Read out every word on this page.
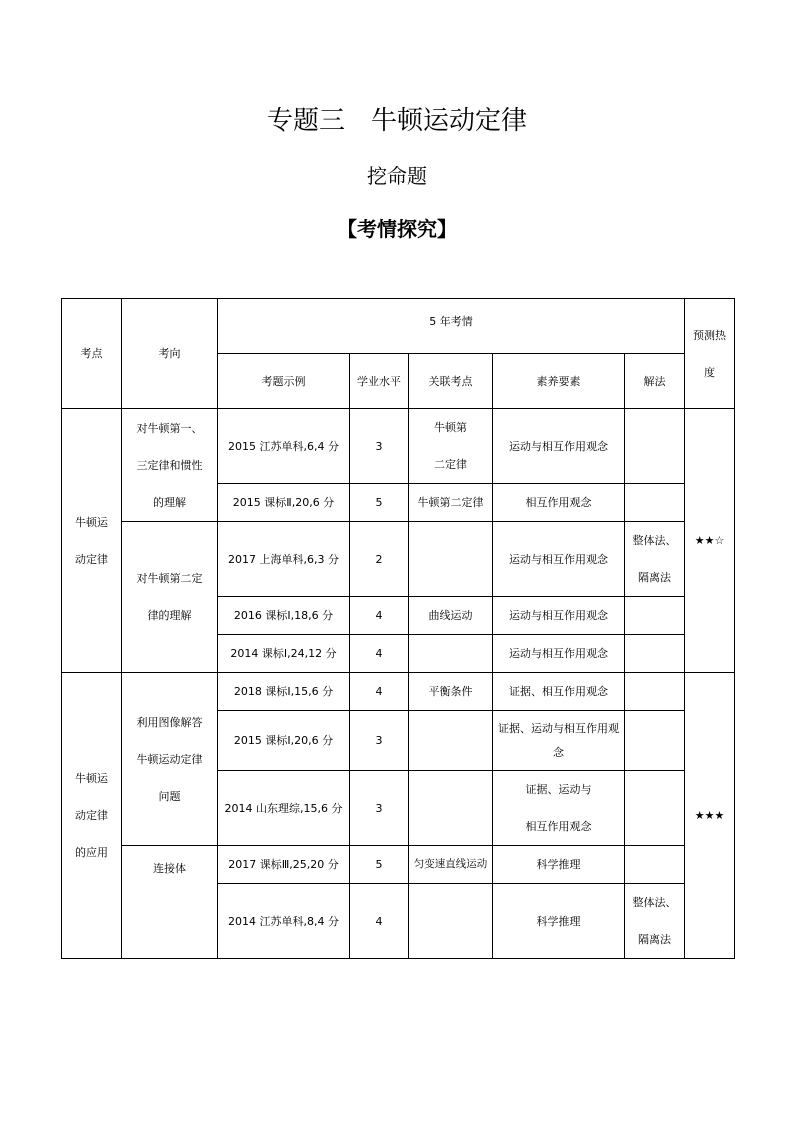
专题三　牛顿运动定律
挖命题
【考情探究】
考点	考向	5 年考情					预测热度
		考题示例	学业水平	关联考点	素养要素	解法	
牛顿运动定律	对牛顿第一、三定律和惯性的理解	2015 江苏单科,6,4 分	3	牛顿第二定律	运动与相互作用观念		★★☆
		2015 课标Ⅱ,20,6 分	5	牛顿第二定律	相互作用观念		
	对牛顿第二定律的理解	2017 上海单科,6,3 分	2		运动与相互作用观念	整体法、隔离法	
		2016 课标Ⅰ,18,6 分	4	曲线运动	运动与相互作用观念		
		2014 课标Ⅰ,24,12 分	4		运动与相互作用观念		
牛顿运动定律的应用	利用图像解答牛顿运动定律问题	2018 课标Ⅰ,15,6 分	4	平衡条件	证据、相互作用观念		★★★
		2015 课标Ⅰ,20,6 分	3		证据、运动与相互作用观念		
		2014 山东理综,15,6 分	3		证据、运动与相互作用观念		
	连接体	2017 课标Ⅲ,25,20 分	5	匀变速直线运动	科学推理		
		2014 江苏单科,8,4 分	4		科学推理	整体法、隔离法	
